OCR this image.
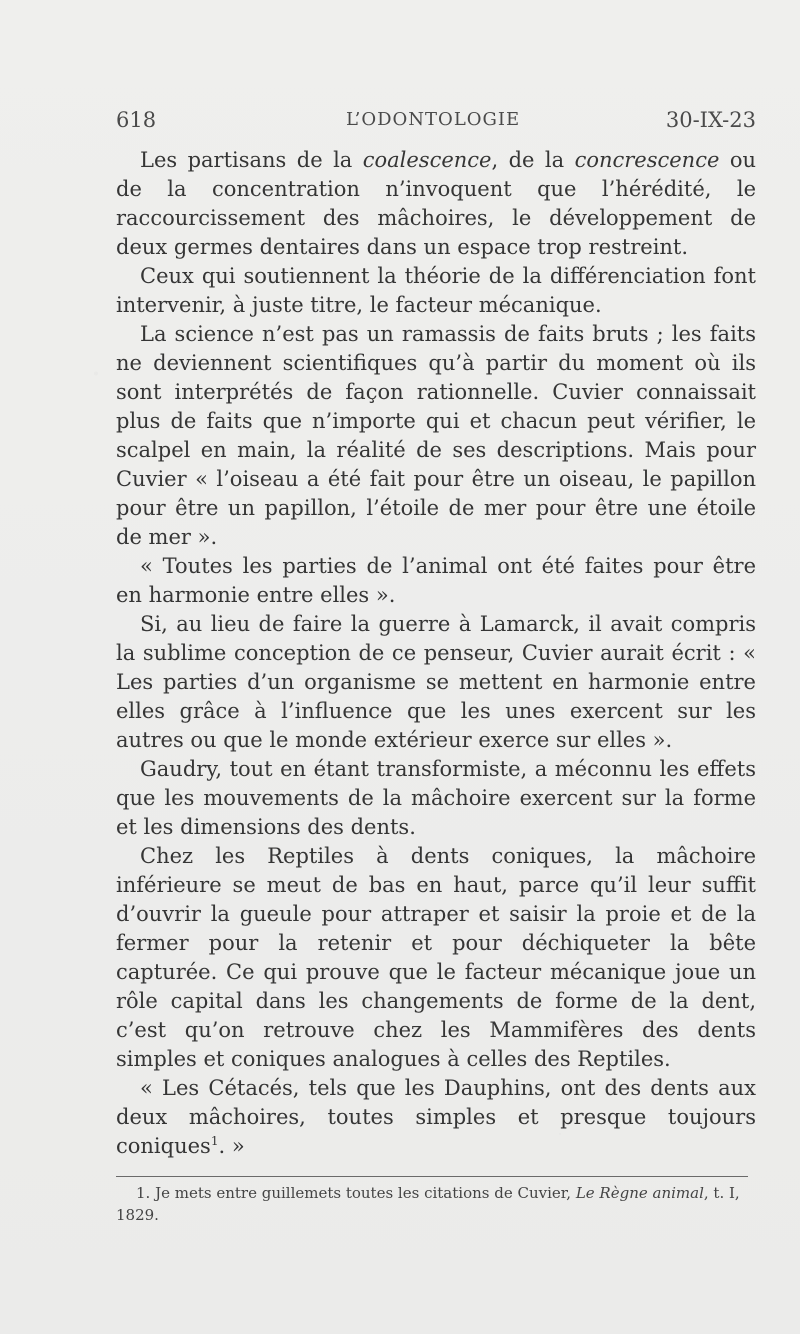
618	L’ODONTOLOGIE	30-IX-23

Les partisans de la coalescence, de la concrescence ou de la concentration n’invoquent que l’hérédité, le raccourcissement des mâchoires, le développement de deux germes dentaires dans un espace trop restreint.

Ceux qui soutiennent la théorie de la différenciation font intervenir, à juste titre, le facteur mécanique.

La science n’est pas un ramassis de faits bruts ; les faits ne deviennent scientifiques qu’à partir du moment où ils sont interprétés de façon rationnelle. Cuvier connaissait plus de faits que n’importe qui et chacun peut vérifier, le scalpel en main, la réalité de ses descriptions. Mais pour Cuvier « l’oiseau a été fait pour être un oiseau, le papillon pour être un papillon, l’étoile de mer pour être une étoile de mer ».

« Toutes les parties de l’animal ont été faites pour être en harmonie entre elles ».

Si, au lieu de faire la guerre à Lamarck, il avait compris la sublime conception de ce penseur, Cuvier aurait écrit : « Les parties d’un organisme se mettent en harmonie entre elles grâce à l’influence que les unes exercent sur les autres ou que le monde extérieur exerce sur elles ».

Gaudry, tout en étant transformiste, a méconnu les effets que les mouvements de la mâchoire exercent sur la forme et les dimensions des dents.

Chez les Reptiles à dents coniques, la mâchoire inférieure se meut de bas en haut, parce qu’il leur suffit d’ouvrir la gueule pour attraper et saisir la proie et de la fermer pour la retenir et pour déchiqueter la bête capturée. Ce qui prouve que le facteur mécanique joue un rôle capital dans les changements de forme de la dent, c’est qu’on retrouve chez les Mammifères des dents simples et coniques analogues à celles des Reptiles.

« Les Cétacés, tels que les Dauphins, ont des dents aux deux mâchoires, toutes simples et presque toujours coniques$^1$. »

1. Je mets entre guillemets toutes les citations de Cuvier, Le Règne animal, t. I, 1829.
